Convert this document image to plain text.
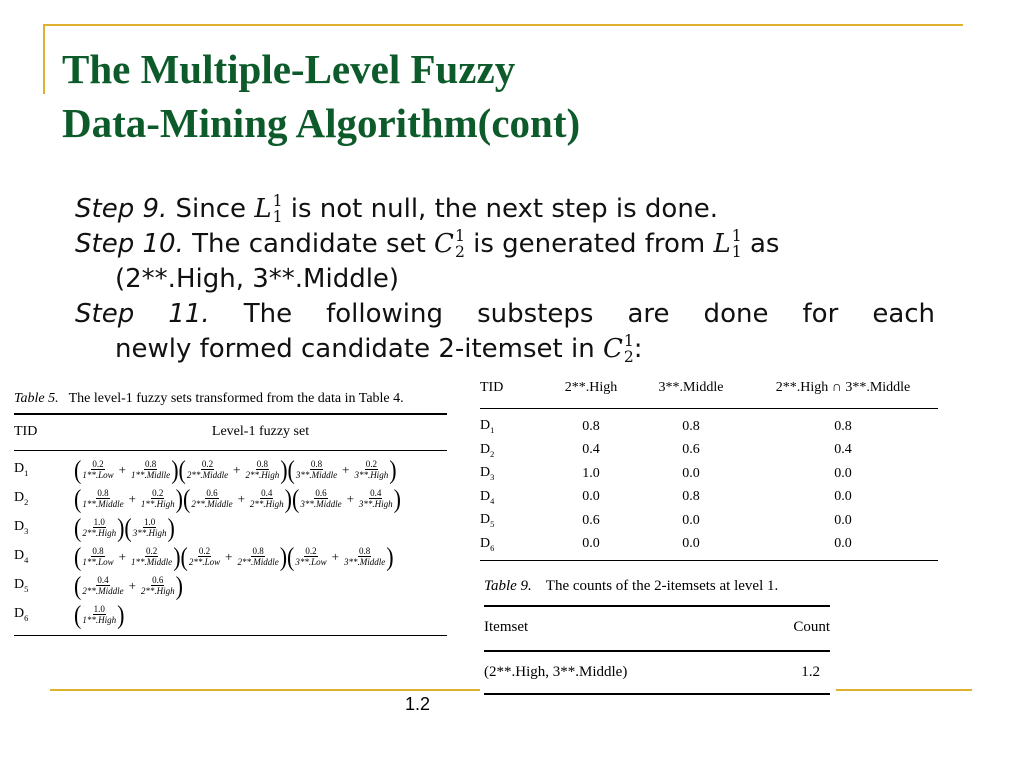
The Multiple-Level Fuzzy
Data-Mining Algorithm(cont)

Step 9. Since L 1
1 is not null, the next step is done.

Step 10. The candidate set C 1
2 is generated from L 1
1 as
(2**.High, 3**.Middle)

Step 11. The following substeps are done for each
newly formed candidate 2-itemset in C 1
2 :

Table 5. The level-1 fuzzy sets transformed from the data in Table 4.

TID	Level-1 fuzzy set
$D_1$	( $\frac{0.2}{\text{1**.Low}} + \frac{0.8}{\text{1**.Midlle}}$ ) ( $\frac{0.2}{\text{2**.Middle}} + \frac{0.8}{\text{2**.High}}$ ) ( $\frac{0.8}{\text{3**.Middle}} + \frac{0.2}{\text{3**.High}}$ )
$D_2$	( $\frac{0.8}{\text{1**.Middle}} + \frac{0.2}{\text{1**.High}}$ ) ( $\frac{0.6}{\text{2**.Middle}} + \frac{0.4}{\text{2**.High}}$ ) ( $\frac{0.6}{\text{3**.Middle}} + \frac{0.4}{\text{3**.High}}$ )
$D_3$	( $\frac{1.0}{\text{2**.High}}$ ) ( $\frac{1.0}{\text{3**.High}}$ )
$D_4$	( $\frac{0.8}{\text{1**.Low}} + \frac{0.2}{\text{1**.Middle}}$ ) ( $\frac{0.2}{\text{2**.Low}} + \frac{0.8}{\text{2**.Middle}}$ ) ( $\frac{0.2}{\text{3**.Low}} + \frac{0.8}{\text{3**.Middle}}$ )
$D_5$	( $\frac{0.4}{\text{2**.Middle}} + \frac{0.6}{\text{2**.High}}$ )
$D_6$	( $\frac{1.0}{\text{1**.High}}$ )
TID	2**.High	3**.Middle	2**.High ∩ 3**.Middle
$D_1$	0.8	0.8	0.8
$D_2$	0.4	0.6	0.4
$D_3$	1.0	0.0	0.0
$D_4$	0.0	0.8	0.0
$D_5$	0.6	0.0	0.0
$D_6$	0.0	0.0	0.0

Table 9. The counts of the 2-itemsets at level 1.

Itemset	Count
(2**.High, 3**.Middle)	1.2
1.2
